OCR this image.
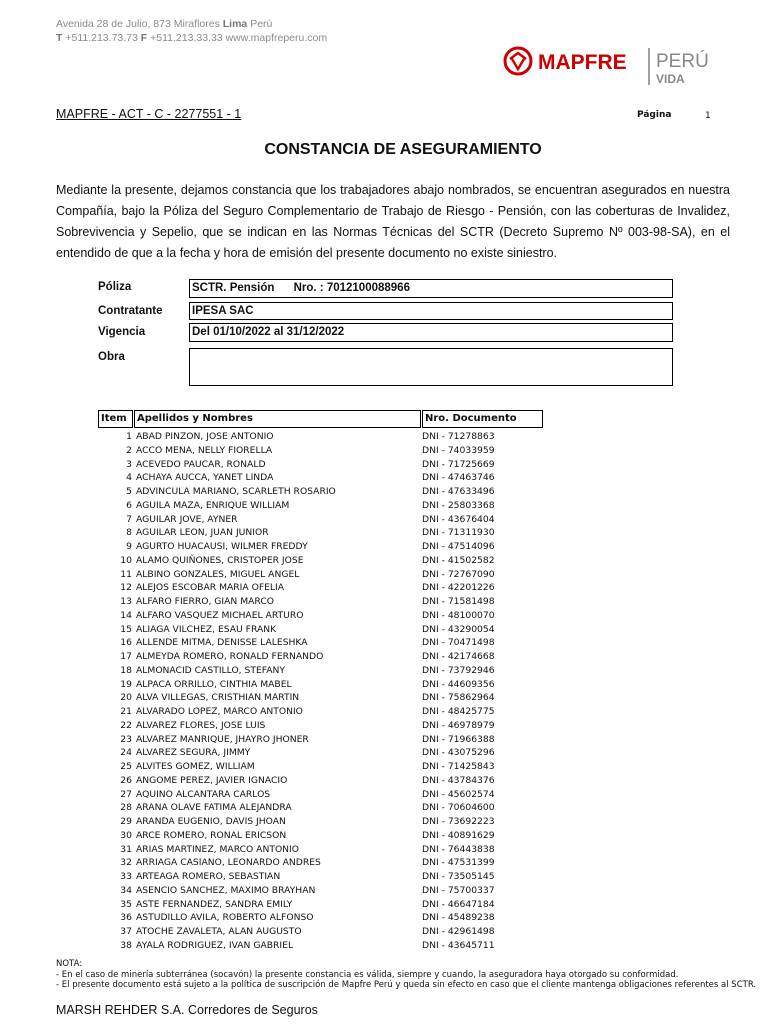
Avenida 28 de Julio, 873 Miraflores Lima Perú
T +511.213.73.73 F +511.213.33.33 www.mapfreperu.com
MAPFRE PERÚ
VIDA
MAPFRE - ACT - C - 2277551 - 1	Página	1
CONSTANCIA DE ASEGURAMIENTO
Mediante la presente, dejamos constancia que los trabajadores abajo nombrados, se encuentran asegurados en nuestra Compañía, bajo la Póliza del Seguro Complementario de Trabajo de Riesgo - Pensión, con las coberturas de Invalidez, Sobrevivencia y Sepelio, que se indican en las Normas Técnicas del SCTR (Decreto Supremo Nº 003-98-SA), en el entendido de que a la fecha y hora de emisión del presente documento no existe siniestro.
Póliza	SCTR. Pensión      Nro. : 7012100088966
Contratante	IPESA SAC
Vigencia	Del 01/10/2022 al 31/12/2022
Obra
Item	Apellidos y Nombres	Nro. Documento
1 ABAD PINZON, JOSE ANTONIO	DNI - 71278863
2 ACCO MENA, NELLY FIORELLA	DNI - 74033959
3 ACEVEDO PAUCAR, RONALD	DNI - 71725669
4 ACHAYA AUCCA, YANET LINDA	DNI - 47463746
5 ADVINCULA MARIANO, SCARLETH ROSARIO	DNI - 47633496
6 AGUILA MAZA, ENRIQUE WILLIAM	DNI - 25803368
7 AGUILAR JOVE, AYNER	DNI - 43676404
8 AGUILAR LEON, JUAN JUNIOR	DNI - 71311930
9 AGURTO HUACAUSI, WILMER FREDDY	DNI - 47514096
10 ALAMO QUIÑONES, CRISTOPER JOSE	DNI - 41502582
11 ALBINO GONZALES, MIGUEL ANGEL	DNI - 72767090
12 ALEJOS ESCOBAR MARIA OFELIA	DNI - 42201226
13 ALFARO FIERRO, GIAN MARCO	DNI - 71581498
14 ALFARO VASQUEZ MICHAEL ARTURO	DNI - 48100070
15 ALIAGA VILCHEZ, ESAU FRANK	DNI - 43290054
16 ALLENDE MITMA, DENISSE LALESHKA	DNI - 70471498
17 ALMEYDA ROMERO, RONALD FERNANDO	DNI - 42174668
18 ALMONACID CASTILLO, STEFANY	DNI - 73792946
19 ALPACA ORRILLO, CINTHIA MABEL	DNI - 44609356
20 ALVA VILLEGAS, CRISTHIAN MARTIN	DNI - 75862964
21 ALVARADO LOPEZ, MARCO ANTONIO	DNI - 48425775
22 ALVAREZ FLORES, JOSE LUIS	DNI - 46978979
23 ALVAREZ MANRIQUE, JHAYRO JHONER	DNI - 71966388
24 ALVAREZ SEGURA, JIMMY	DNI - 43075296
25 ALVITES GOMEZ, WILLIAM	DNI - 71425843
26 ANGOME PEREZ, JAVIER IGNACIO	DNI - 43784376
27 AQUINO ALCANTARA CARLOS	DNI - 45602574
28 ARANA OLAVE FATIMA ALEJANDRA	DNI - 70604600
29 ARANDA EUGENIO, DAVIS JHOAN	DNI - 73692223
30 ARCE ROMERO, RONAL ERICSON	DNI - 40891629
31 ARIAS MARTINEZ, MARCO ANTONIO	DNI - 76443838
32 ARRIAGA CASIANO, LEONARDO ANDRES	DNI - 47531399
33 ARTEAGA ROMERO, SEBASTIAN	DNI - 73505145
34 ASENCIO SANCHEZ, MAXIMO BRAYHAN	DNI - 75700337
35 ASTE FERNANDEZ, SANDRA EMILY	DNI - 46647184
36 ASTUDILLO AVILA, ROBERTO ALFONSO	DNI - 45489238
37 ATOCHE ZAVALETA, ALAN AUGUSTO	DNI - 42961498
38 AYALA RODRIGUEZ, IVAN GABRIEL	DNI - 43645711
NOTA:
- En el caso de minería subterránea (socavón) la presente constancia es válida, siempre y cuando, la aseguradora haya otorgado su conformidad.
- El presente documento está sujeto a la política de suscripción de Mapfre Perú y queda sin efecto en caso que el cliente mantenga obligaciones referentes al SCTR.
MARSH REHDER S.A. Corredores de Seguros
